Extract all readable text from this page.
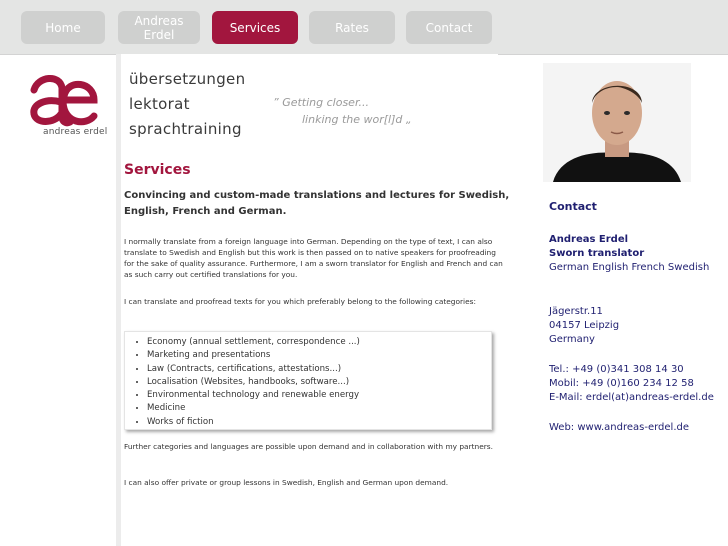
Home	Andreas
Erdel	Services	Rates	Contact
andreas erdel
übersetzungen
lektorat
sprachtraining
” Getting closer...
linking the wor[l]d „
Services
Convincing and custom-made translations and lectures for Swedish, English, French and German.
I normally translate from a foreign language into German. Depending on the type of text, I can also translate to Swedish and English but this work is then passed on to native speakers for proofreading for the sake of quality assurance. Furthermore, I am a sworn translator for English and French and can as such carry out certified translations for you.
I can translate and proofread texts for you which preferably belong to the following categories:
• Economy (annual settlement, correspondence ...)
• Marketing and presentations
• Law (Contracts, certifications, attestations...)
• Localisation (Websites, handbooks, software...)
• Environmental technology and renewable energy
• Medicine
• Works of fiction
Further categories and languages are possible upon demand and in collaboration with my partners.
I can also offer private or group lessons in Swedish, English and German upon demand.
Contact
Andreas Erdel
Sworn translator
German English French Swedish
Jägerstr.11
04157 Leipzig
Germany
Tel.: +49 (0)341 308 14 30
Mobil: +49 (0)160 234 12 58
E-Mail: erdel(at)andreas-erdel.de
Web: www.andreas-erdel.de
